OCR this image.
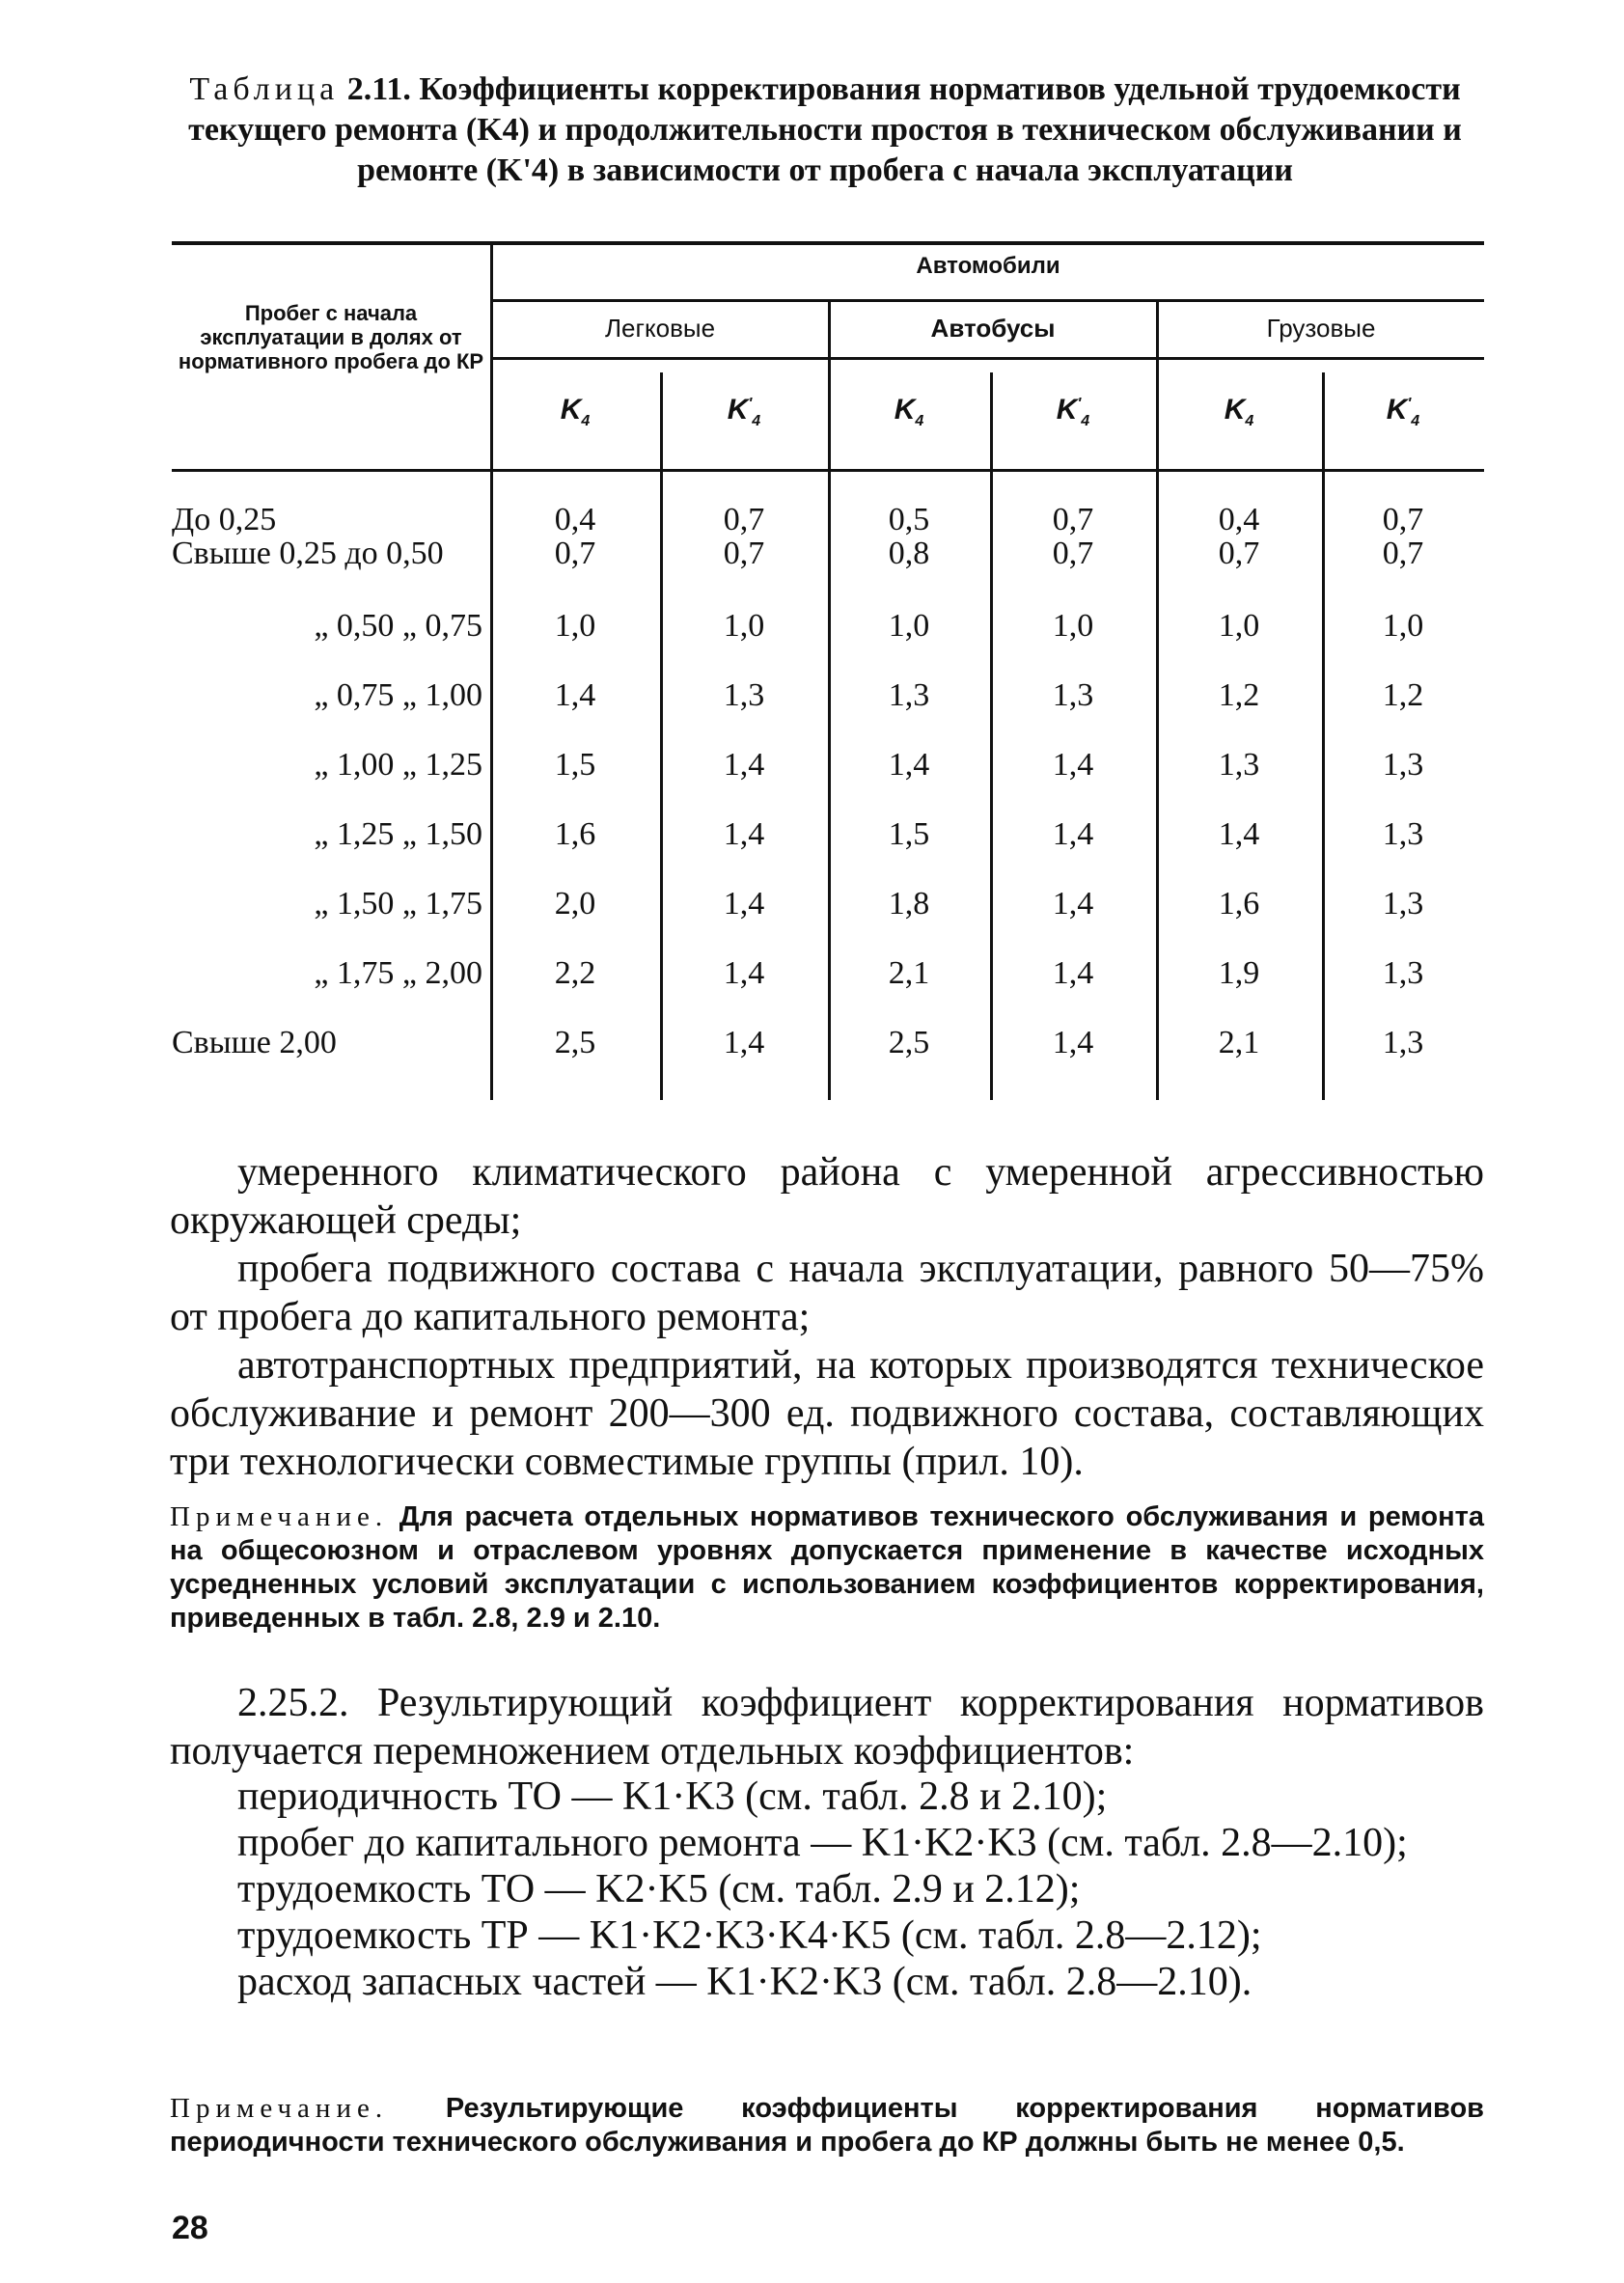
Таблица 2.11. Коэффициенты корректирования нормативов удельной трудоемкости текущего ремонта (K4) и продолжительности простоя в техническом обслуживании и ремонте (K'4) в зависимости от пробега с начала эксплуатации
Пробег с начала эксплуатации в долях от нормативного пробега до КР
Автомобили
Легковые	Автобусы	Грузовые
$K_4$	$K'_4$	$K_4$	$K'_4$	$K_4$	$K'_4$
До 0,25	0,4	0,7	0,5	0,7	0,4	0,7
Свыше 0,25 до 0,50	0,7	0,7	0,8	0,7	0,7	0,7
„ 0,50 „ 0,75	1,0	1,0	1,0	1,0	1,0	1,0
„ 0,75 „ 1,00	1,4	1,3	1,3	1,3	1,2	1,2
„ 1,00 „ 1,25	1,5	1,4	1,4	1,4	1,3	1,3
„ 1,25 „ 1,50	1,6	1,4	1,5	1,4	1,4	1,3
„ 1,50 „ 1,75	2,0	1,4	1,8	1,4	1,6	1,3
„ 1,75 „ 2,00	2,2	1,4	2,1	1,4	1,9	1,3
Свыше 2,00	2,5	1,4	2,5	1,4	2,1	1,3

умеренного климатического района с умеренной агрессивностью окружающей среды;

пробега подвижного состава с начала эксплуатации, равного 50—75% от пробега до капитального ремонта;

автотранспортных предприятий, на которых производятся техническое обслуживание и ремонт 200—300 ед. подвижного состава, составляющих три технологически совместимые группы (прил. 10).

Примечание. Для расчета отдельных нормативов технического обслуживания и ремонта на общесоюзном и отраслевом уровнях допускается применение в качестве исходных усредненных условий эксплуатации с использованием коэффициентов корректирования, приведенных в табл. 2.8, 2.9 и 2.10.

2.25.2. Результирующий коэффициент корректирования нормативов получается перемножением отдельных коэффициентов:

периодичность ТО — K1·K3 (см. табл. 2.8 и 2.10);

пробег до капитального ремонта — K1·K2·K3 (см. табл. 2.8—2.10);

трудоемкость ТО — K2·K5 (см. табл. 2.9 и 2.12);

трудоемкость ТР — K1·K2·K3·K4·K5 (см. табл. 2.8—2.12);

расход запасных частей — K1·K2·K3 (см. табл. 2.8—2.10).

Примечание. Результирующие коэффициенты корректирования нормативов периодичности технического обслуживания и пробега до КР должны быть не менее 0,5.
28
